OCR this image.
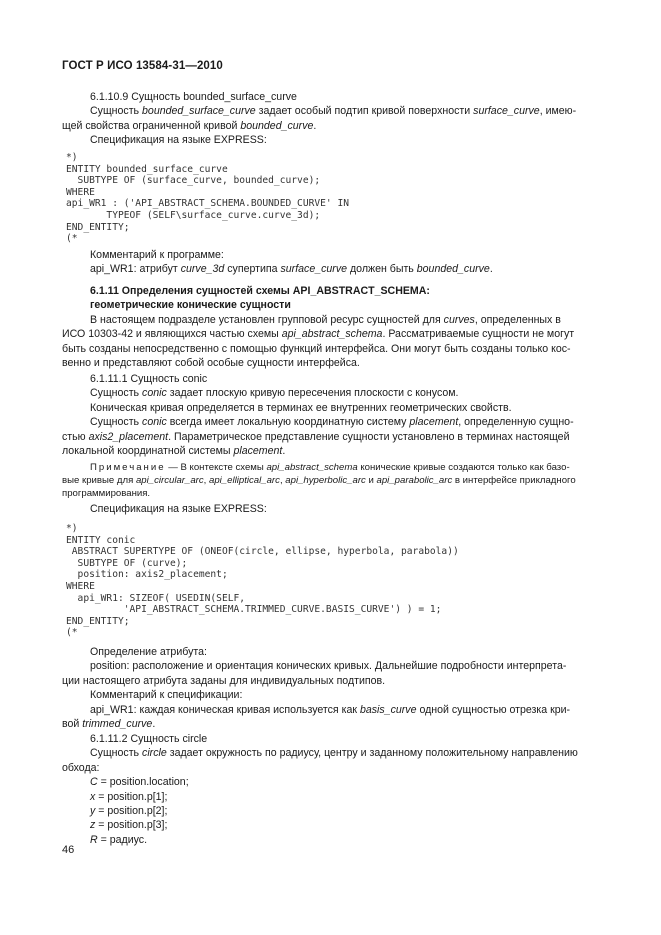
ГОСТ Р ИСО 13584-31—2010

6.1.10.9 Сущность bounded_surface_curve

Сущность bounded_surface_curve задает особый подтип кривой поверхности surface_curve, имею-

щей свойства ограниченной кривой bounded_curve.

Спецификация на языке EXPRESS:

*)
ENTITY bounded_surface_curve
SUBTYPE OF (surface_curve, bounded_curve);
WHERE
api_WR1 : ('API_ABSTRACT_SCHEMA.BOUNDED_CURVE' IN
TYPEOF (SELF\surface_curve.curve_3d);
END_ENTITY;
(*

Комментарий к программе:

api_WR1: атрибут curve_3d супертипа surface_curve должен быть bounded_curve.

6.1.11 Определения сущностей схемы API_ABSTRACT_SCHEMA:

геометрические конические сущности

В настоящем подразделе установлен групповой ресурс сущностей для curves, определенных в

ИСО 10303-42 и являющихся частью схемы api_abstract_schema. Рассматриваемые сущности не могут

быть созданы непосредственно с помощью функций интерфейса. Они могут быть созданы только кос-

венно и представляют собой особые сущности интерфейса.

6.1.11.1 Сущность conic

Сущность conic задает плоскую кривую пересечения плоскости с конусом.

Коническая кривая определяется в терминах ее внутренних геометрических свойств.

Сущность conic всегда имеет локальную координатную систему placement, определенную сущно-

стью axis2_placement. Параметрическое представление сущности установлено в терминах настоящей

локальной координатной системы placement.

Примечание — В контексте схемы api_abstract_schema конические кривые создаются только как базо-

вые кривые для api_circular_arc, api_elliptical_arc, api_hyperbolic_arc и api_parabolic_arc в интерфейсе прикладного

программирования.

Спецификация на языке EXPRESS:

*)
ENTITY conic
ABSTRACT SUPERTYPE OF (ONEOF(circle, ellipse, hyperbola, parabola))
SUBTYPE OF (curve);
position: axis2_placement;
WHERE
api_WR1: SIZEOF( USEDIN(SELF,
'API_ABSTRACT_SCHEMA.TRIMMED_CURVE.BASIS_CURVE') ) = 1;
END_ENTITY;
(*

Определение атрибута:

position: расположение и ориентация конических кривых. Дальнейшие подробности интерпрета-

ции настоящего атрибута заданы для индивидуальных подтипов.

Комментарий к спецификации:

api_WR1: каждая коническая кривая используется как basis_curve одной сущностью отрезка кри-

вой trimmed_curve.

6.1.11.2 Сущность circle

Сущность circle задает окружность по радиусу, центру и заданному положительному направлению

обхода:

C = position.location;

x = position.p[1];

y = position.p[2];

z = position.p[3];

R = радиус.

46
